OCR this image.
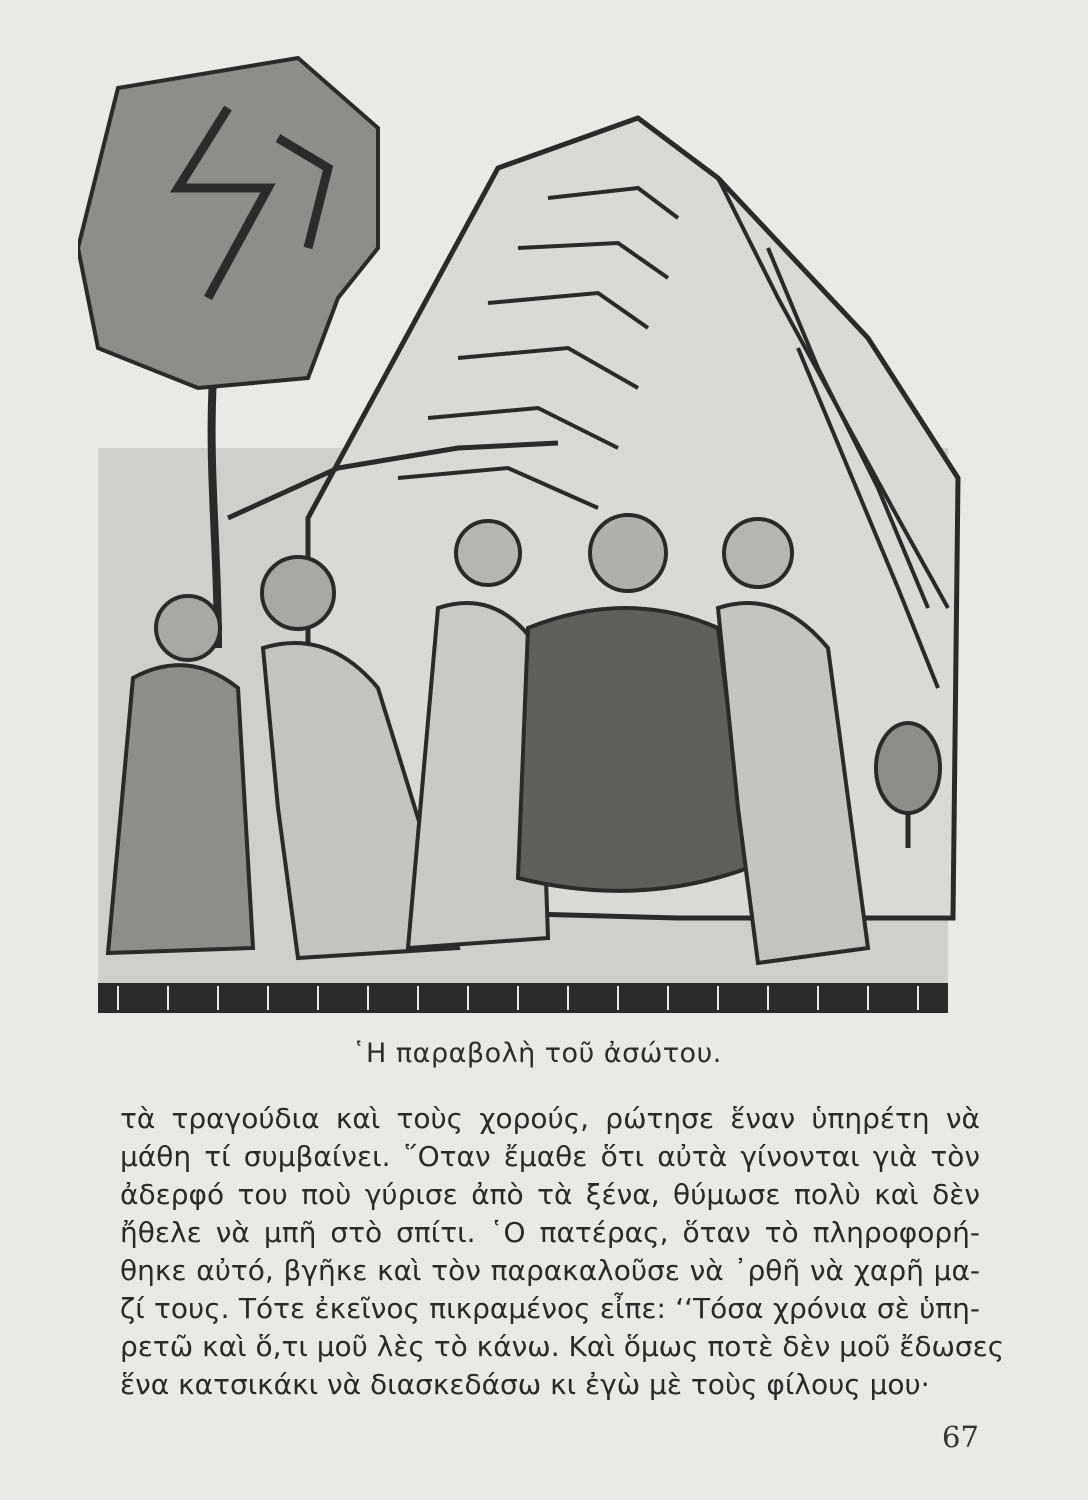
῾Η παραβολὴ τοῦ ἀσώτου.
τὰ τραγούδια καὶ τοὺς χορούς, ρώτησε ἕναν ὑπηρέτη νὰ
μάθη τί συμβαίνει. ῞Οταν ἔμαθε ὅτι αὐτὰ γίνονται γιὰ τὸν
ἀδερφό του ποὺ γύρισε ἀπὸ τὰ ξένα, θύμωσε πολὺ καὶ δὲν
ἤθελε νὰ μπῆ στὸ σπίτι. ῾Ο πατέρας, ὅταν τὸ πληροφορή-
θηκε αὐτό, βγῆκε καὶ τὸν παρακαλοῦσε νὰ ᾽ρθῆ νὰ χαρῆ μα-
ζί τους. Τότε ἐκεῖνος πικραμένος εἶπε: ‘‘Τόσα χρόνια σὲ ὑπη-
ρετῶ καὶ ὅ,τι μοῦ λὲς τὸ κάνω. Καὶ ὅμως ποτὲ δὲν μοῦ ἔδωσες
ἕνα κατσικάκι νὰ διασκεδάσω κι ἐγὼ μὲ τοὺς φίλους μου·
67
